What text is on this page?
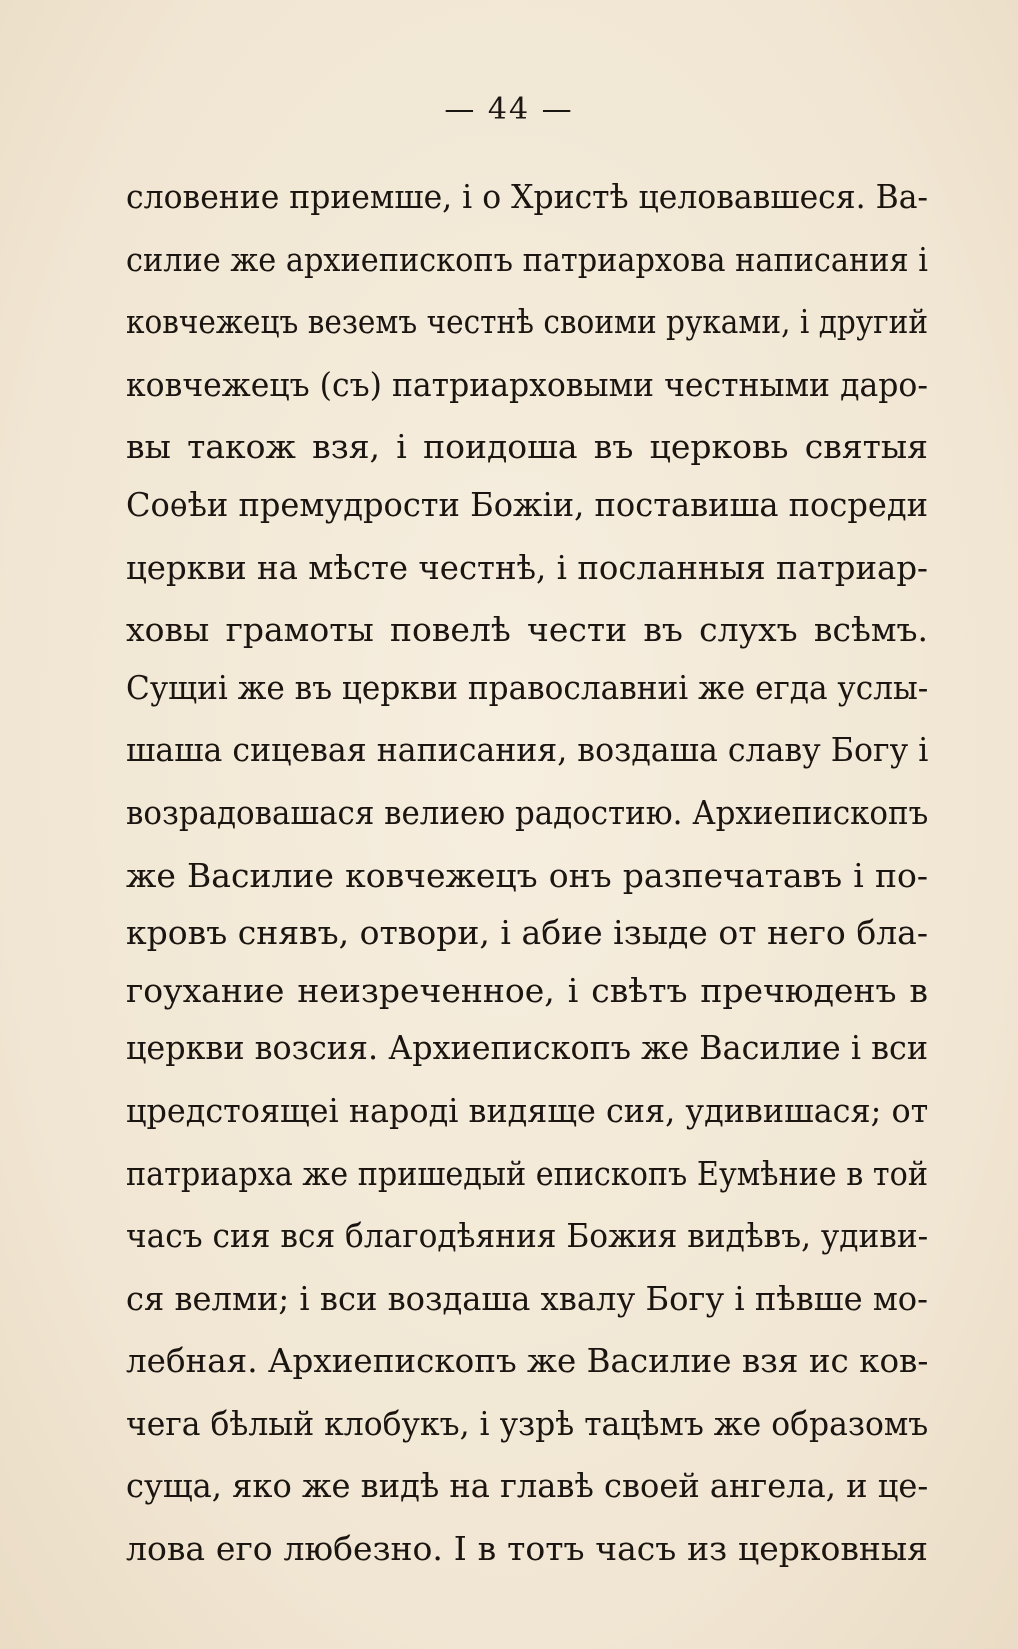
— 44 —
словение приемше, і о Христѣ целовавшеся. Ва- силие же архиепископъ патриархова написания і ковчежецъ веземъ честнѣ своими руками, і другий ковчежецъ (съ) патриарховыми честными даро-
вы також взя, і поидоша въ церковь святыя
Соѳѣи премудрости Божіи, поставиша посреди церкви на мѣсте честнѣ, і посланныя патриар-
ховы грамоты повелѣ чести въ слухъ всѣмъ.
Сущиі же въ церкви православниі же егда услы- шаша сицевая написания, воздаша славу Богу і возрадовашася велиею радостию. Архиепископъ
же Василие ковчежецъ онъ разпечатавъ і по-
кровъ снявъ, отвори, і абие ізыде от него бла-
гоухание неизреченное, і свѣтъ пречюденъ в
церкви возсия. Архиепископъ же Василие і вси цредстоящеі народі видяще сия, удивишася; от патриарха же пришедый епископъ Еумѣние в той часъ сия вся благодѣяния Божия видѣвъ, удиви- ся велми; і вси воздаша хвалу Богу і пѣвше мо- лебная. Архиепископъ же Василие взя ис ков- чега бѣлый клобукъ, і узрѣ тацѣмъ же образомъ суща, яко же видѣ на главѣ своей ангела, и це-
лова его любезно. І в тотъ часъ из церковныя
